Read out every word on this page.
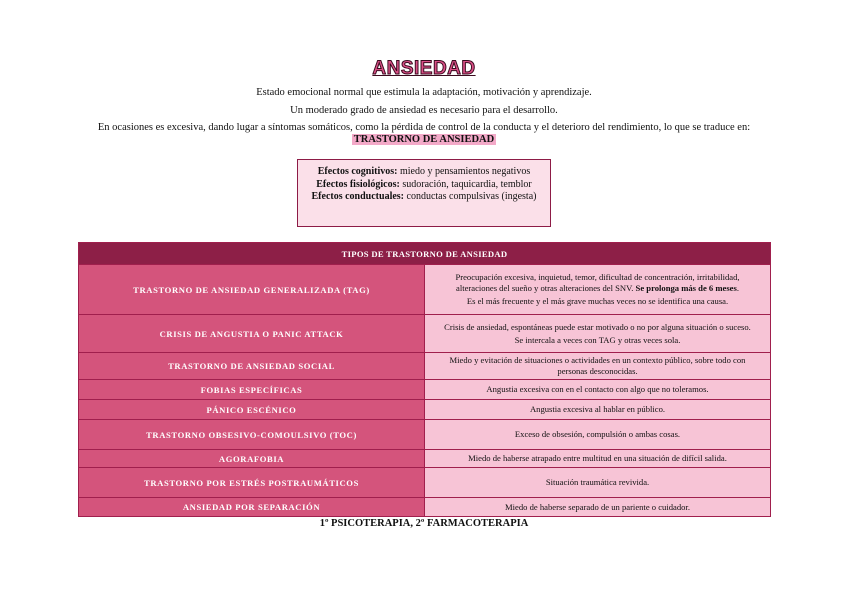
ANSIEDAD
Estado emocional normal que estimula la adaptación, motivación y aprendizaje.
Un moderado grado de ansiedad es necesario para el desarrollo.
En ocasiones es excesiva, dando lugar a síntomas somáticos, como la pérdida de control de la conducta y el deterioro del rendimiento, lo que se traduce en:
TRASTORNO DE ANSIEDAD
Efectos cognitivos: miedo y pensamientos negativos
Efectos fisiológicos: sudoración, taquicardia, temblor
Efectos conductuales: conductas compulsivas (ingesta)
TIPOS DE TRASTORNO DE ANSIEDAD	
TRASTORNO DE ANSIEDAD GENERALIZADA (TAG)	Preocupación excesiva, inquietud, temor, dificultad de concentración, irritabilidad, alteraciones del sueño y otras alteraciones del SNV. Se prolonga más de 6 meses.

Es el más frecuente y el más grave muchas veces no se identifica una causa.

CRISIS DE ANGUSTIA O PANIC ATTACK	Crisis de ansiedad, espontáneas puede estar motivado o no por alguna situación o suceso.

Se intercala a veces con TAG y otras veces sola.

TRASTORNO DE ANSIEDAD SOCIAL	Miedo y evitación de situaciones o actividades en un contexto público, sobre todo con personas desconocidas.
FOBIAS ESPECÍFICAS	Angustia excesiva con en el contacto con algo que no toleramos.
PÁNICO ESCÉNICO	Angustia excesiva al hablar en público.
TRASTORNO OBSESIVO-COMOULSIVO (TOC)	Exceso de obsesión, compulsión o ambas cosas.
AGORAFOBIA	Miedo de haberse atrapado entre multitud en una situación de difícil salida.
TRASTORNO POR ESTRÉS POSTRAUMÁTICOS	Situación traumática revivida.
ANSIEDAD POR SEPARACIÓN	Miedo de haberse separado de un pariente o cuidador.
1º PSICOTERAPIA, 2º FARMACOTERAPIA
